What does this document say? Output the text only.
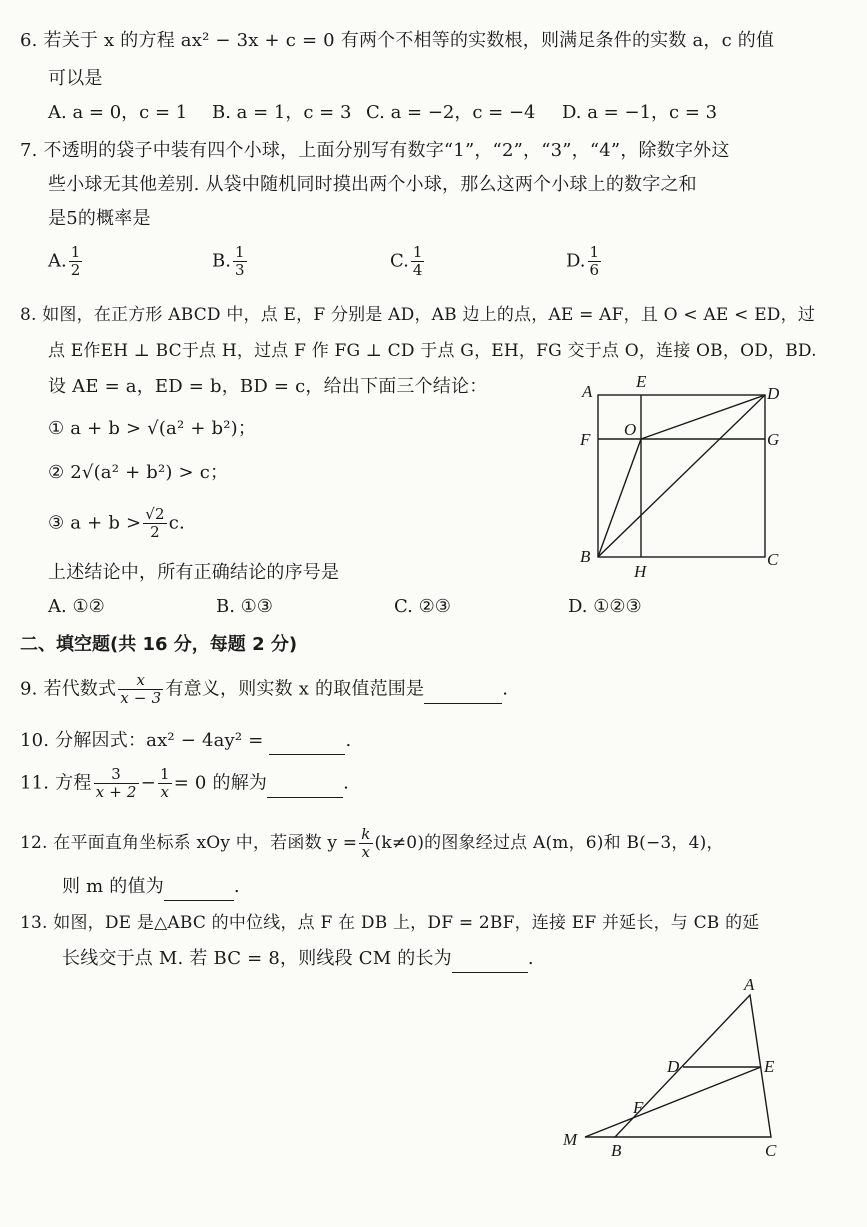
6. 若关于 x 的方程 ax² − 3x + c = 0 有两个不相等的实数根，则满足条件的实数 a，c 的值
可以是
A. a = 0，c = 1 B. a = 1，c = 3 C. a = −2，c = −4 D. a = −1，c = 3
7. 不透明的袋子中装有四个小球，上面分别写有数字“1”，“2”，“3”，“4”，除数字外这
些小球无其他差别. 从袋中随机同时摸出两个小球，那么这两个小球上的数字之和
是5的概率是
A. $\frac{1}{2}$	B. $\frac{1}{3}$	C. $\frac{1}{4}$	D. $\frac{1}{6}$
8. 如图，在正方形 ABCD 中，点 E，F 分别是 AD，AB 边上的点，AE = AF，且 O < AE < ED，过
点 E作EH ⊥ BC于点 H，过点 F 作 FG ⊥ CD 于点 G，EH，FG 交于点 O，连接 OB，OD，BD.
设 AE = a，ED = b，BD = c，给出下面三个结论：
① a + b > √(a² + b²)；
② 2√(a² + b²) > c；
③ $a + b > \frac{√2}{2} c$.
上述结论中，所有正确结论的序号是
A. ①②	B. ①③	C. ②③	D. ①②③
A
E
D
F
O
G
B
H
C
二、填空题(共 16 分，每题 2 分)
9. 若代数式 $\frac{x}{x - 3}$ 有意义，则实数 x 的取值范围是	.
10. 分解因式：ax² − 4ay² =	.
11. 方程 $\frac{3}{x + 2} - \frac{1}{x} = 0$ 的解为	.
12. 在平面直角坐标系 xOy 中，若函数 $y = \frac{k}{x} (k\ne 0)$的图象经过点 A(m，6)和 B(−3，4)，
则 m 的值为	.
13. 如图，DE 是△ABC 的中位线，点 F 在 DB 上，DF = 2BF，连接 EF 并延长，与 CB 的延
长线交于点 M. 若 BC = 8，则线段 CM 的长为	.
A
D	E
F
M
B	C
